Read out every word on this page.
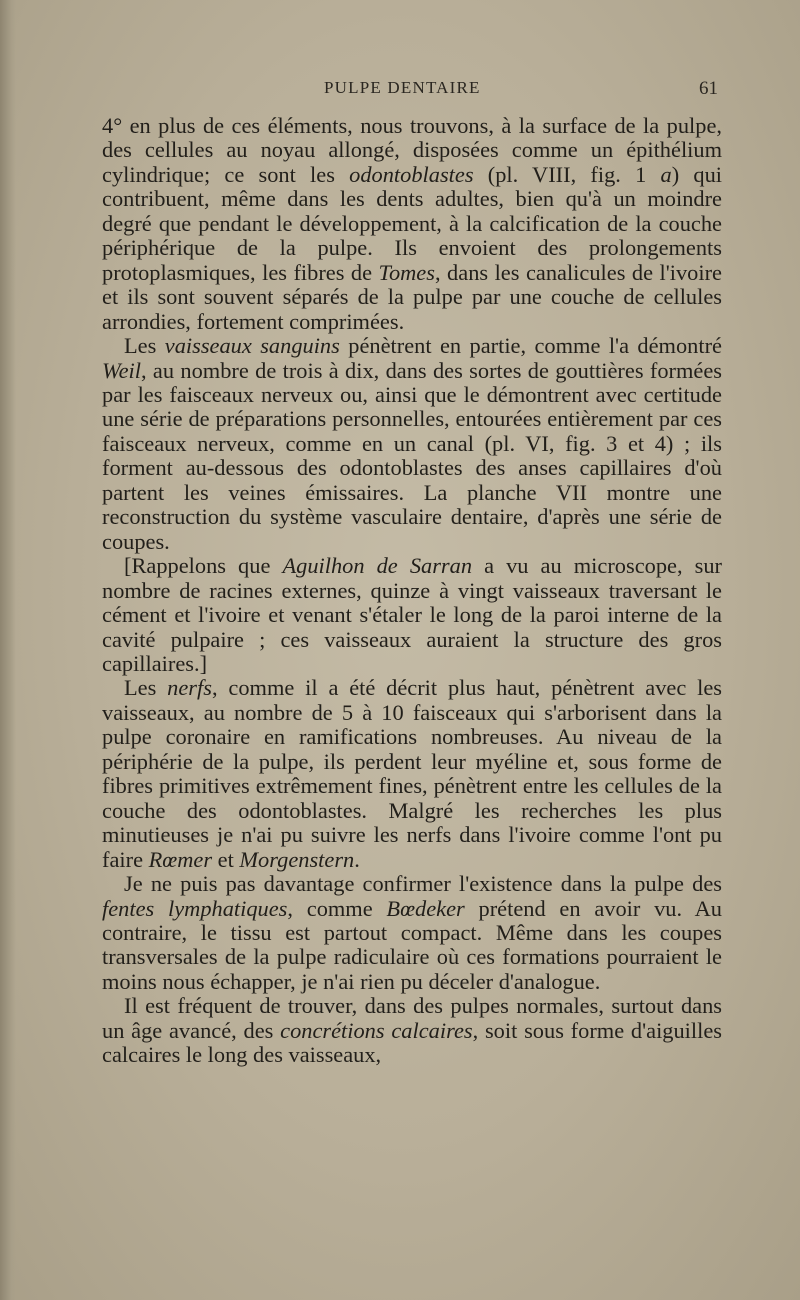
PULPE DENTAIRE	61

4° en plus de ces éléments, nous trouvons, à la surface de la pulpe, des cellules au noyau allongé, disposées comme un épithélium cylindrique; ce sont les odontoblastes (pl. VIII, fig. 1 a) qui contribuent, même dans les dents adultes, bien qu'à un moindre degré que pendant le développement, à la calcification de la couche périphérique de la pulpe. Ils envoient des prolongements protoplasmiques, les fibres de Tomes, dans les canalicules de l'ivoire et ils sont souvent séparés de la pulpe par une couche de cellules arrondies, fortement comprimées.

Les vaisseaux sanguins pénètrent en partie, comme l'a démontré Weil, au nombre de trois à dix, dans des sortes de gouttières formées par les faisceaux nerveux ou, ainsi que le démontrent avec certitude une série de préparations personnelles, entourées entièrement par ces faisceaux nerveux, comme en un canal (pl. VI, fig. 3 et 4) ; ils forment au-dessous des odontoblastes des anses capillaires d'où partent les veines émissaires. La planche VII montre une reconstruction du système vasculaire dentaire, d'après une série de coupes.

[Rappelons que Aguilhon de Sarran a vu au microscope, sur nombre de racines externes, quinze à vingt vaisseaux traversant le cément et l'ivoire et venant s'étaler le long de la paroi interne de la cavité pulpaire ; ces vaisseaux auraient la structure des gros capillaires.]

Les nerfs, comme il a été décrit plus haut, pénètrent avec les vaisseaux, au nombre de 5 à 10 faisceaux qui s'arborisent dans la pulpe coronaire en ramifications nombreuses. Au niveau de la périphérie de la pulpe, ils perdent leur myéline et, sous forme de fibres primitives extrêmement fines, pénètrent entre les cellules de la couche des odontoblastes. Malgré les recherches les plus minutieuses je n'ai pu suivre les nerfs dans l'ivoire comme l'ont pu faire Rœmer et Morgenstern.

Je ne puis pas davantage confirmer l'existence dans la pulpe des fentes lymphatiques, comme Bœdeker prétend en avoir vu. Au contraire, le tissu est partout compact. Même dans les coupes transversales de la pulpe radiculaire où ces formations pourraient le moins nous échapper, je n'ai rien pu déceler d'analogue.

Il est fréquent de trouver, dans des pulpes normales, surtout dans un âge avancé, des concrétions calcaires, soit sous forme d'aiguilles calcaires le long des vaisseaux,
